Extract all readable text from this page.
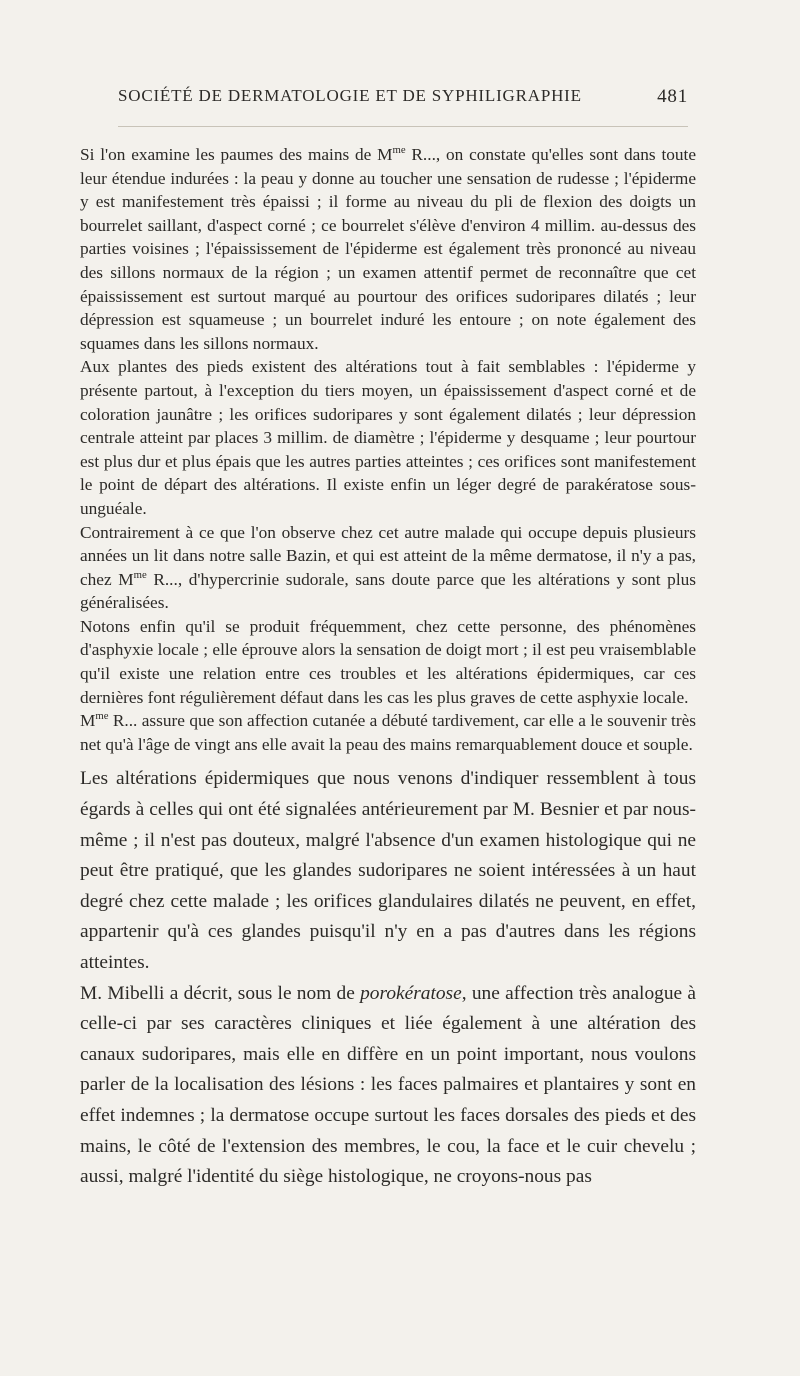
SOCIÉTÉ DE DERMATOLOGIE ET DE SYPHILIGRAPHIE	481

Si l'on examine les paumes des mains de $M^{me}$ R..., on constate qu'elles sont dans toute leur étendue indurées : la peau y donne au toucher une sensation de rudesse ; l'épiderme y est manifestement très épaissi ; il forme au niveau du pli de flexion des doigts un bourrelet saillant, d'aspect corné ; ce bourrelet s'élève d'environ 4 millim. au-dessus des parties voisines ; l'épaississement de l'épiderme est également très prononcé au niveau des sillons normaux de la région ; un examen attentif permet de reconnaître que cet épaississement est surtout marqué au pourtour des orifices sudoripares dilatés ; leur dépression est squameuse ; un bourrelet induré les entoure ; on note également des squames dans les sillons normaux.

Aux plantes des pieds existent des altérations tout à fait semblables : l'épiderme y présente partout, à l'exception du tiers moyen, un épaississement d'aspect corné et de coloration jaunâtre ; les orifices sudoripares y sont également dilatés ; leur dépression centrale atteint par places 3 millim. de diamètre ; l'épiderme y desquame ; leur pourtour est plus dur et plus épais que les autres parties atteintes ; ces orifices sont manifestement le point de départ des altérations. Il existe enfin un léger degré de parakératose sous-unguéale.

Contrairement à ce que l'on observe chez cet autre malade qui occupe depuis plusieurs années un lit dans notre salle Bazin, et qui est atteint de la même dermatose, il n'y a pas, chez $M^{me}$ R..., d'hypercrinie sudorale, sans doute parce que les altérations y sont plus généralisées.

Notons enfin qu'il se produit fréquemment, chez cette personne, des phénomènes d'asphyxie locale ; elle éprouve alors la sensation de doigt mort ; il est peu vraisemblable qu'il existe une relation entre ces troubles et les altérations épidermiques, car ces dernières font régulièrement défaut dans les cas les plus graves de cette asphyxie locale.

$M^{me}$ R... assure que son affection cutanée a débuté tardivement, car elle a le souvenir très net qu'à l'âge de vingt ans elle avait la peau des mains remarquablement douce et souple.

Les altérations épidermiques que nous venons d'indiquer ressemblent à tous égards à celles qui ont été signalées antérieurement par M. Besnier et par nous-même ; il n'est pas douteux, malgré l'absence d'un examen histologique qui ne peut être pratiqué, que les glandes sudoripares ne soient intéressées à un haut degré chez cette malade ; les orifices glandulaires dilatés ne peuvent, en effet, appartenir qu'à ces glandes puisqu'il n'y en a pas d'autres dans les régions atteintes.

M. Mibelli a décrit, sous le nom de porokératose, une affection très analogue à celle-ci par ses caractères cliniques et liée également à une altération des canaux sudoripares, mais elle en diffère en un point important, nous voulons parler de la localisation des lésions : les faces palmaires et plantaires y sont en effet indemnes ; la dermatose occupe surtout les faces dorsales des pieds et des mains, le côté de l'extension des membres, le cou, la face et le cuir chevelu ; aussi, malgré l'identité du siège histologique, ne croyons-nous pas
